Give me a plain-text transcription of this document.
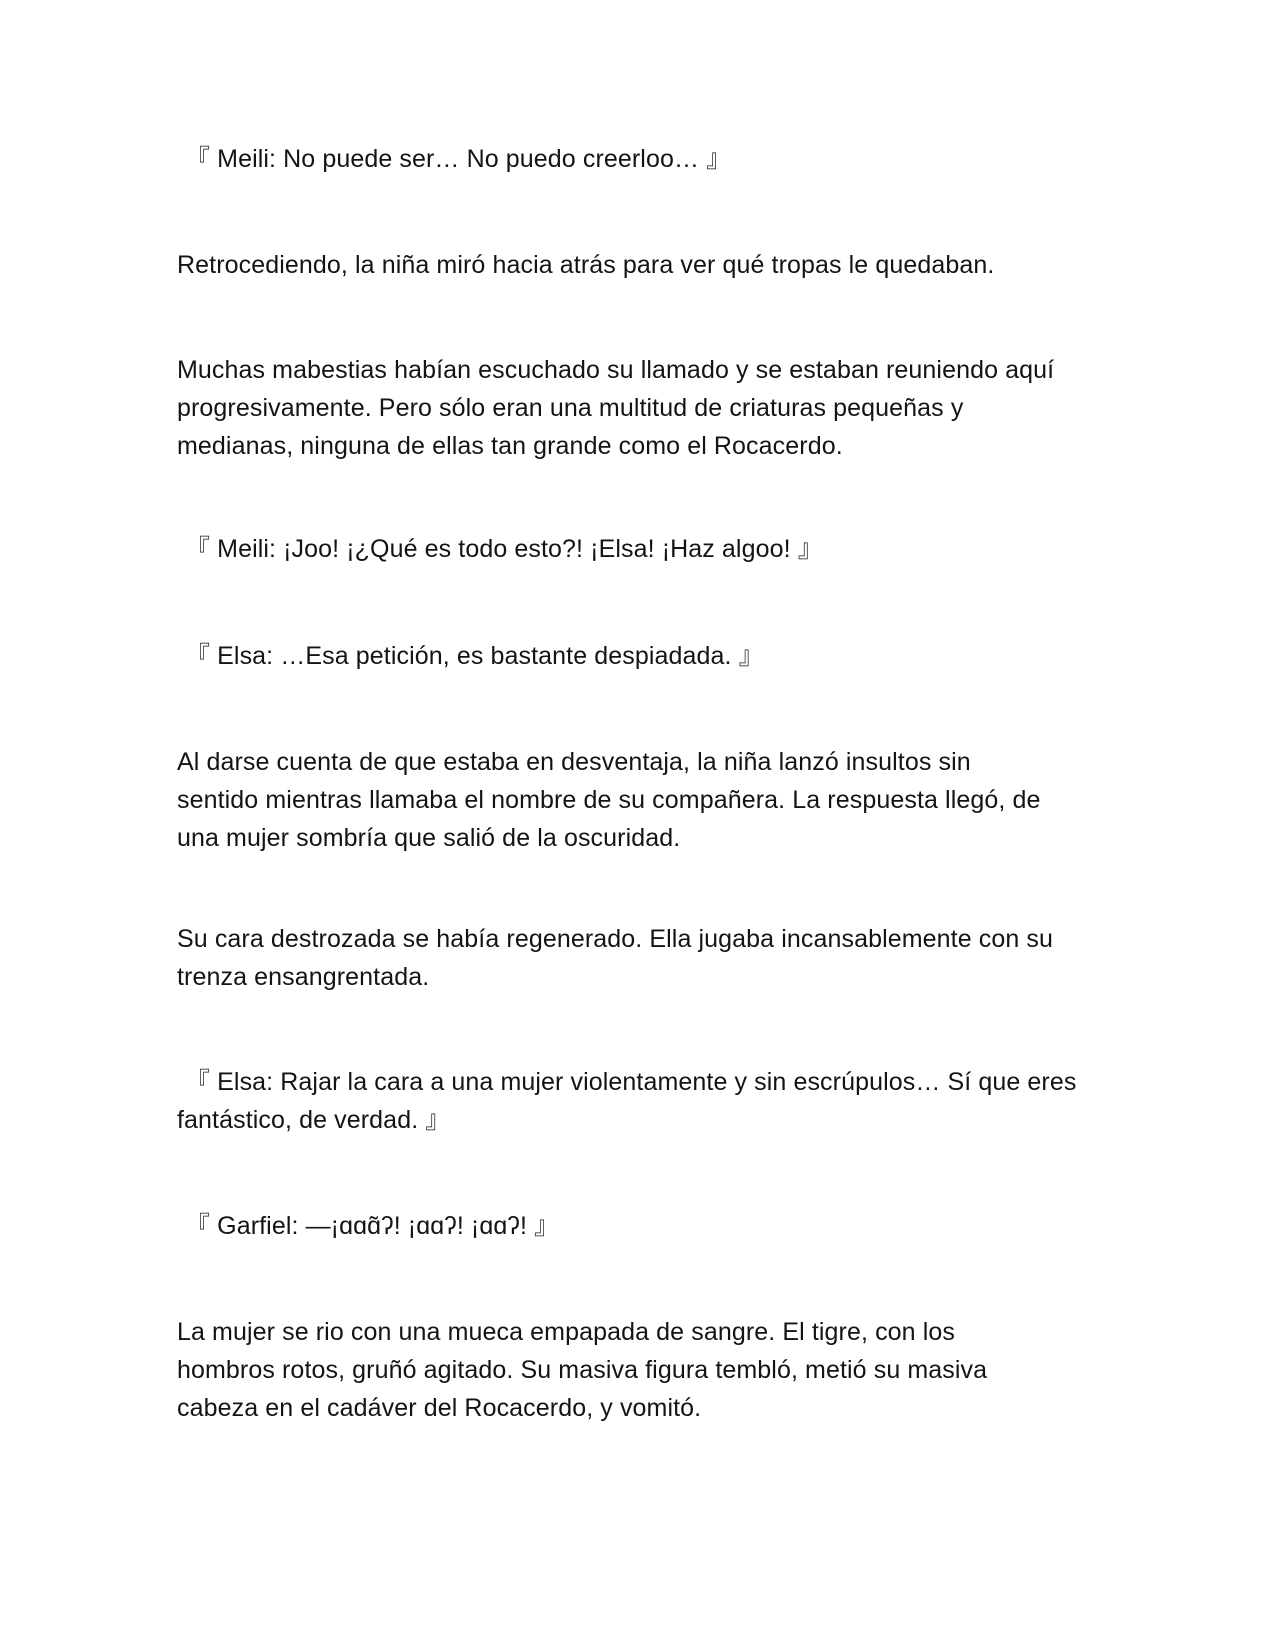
『 Meili: No puede ser… No puedo creerloo… 』

Retrocediendo, la niña miró hacia atrás para ver qué tropas le quedaban.

Muchas mabestias habían escuchado su llamado y se estaban reuniendo aquí
progresivamente. Pero sólo eran una multitud de criaturas pequeñas y
medianas, ninguna de ellas tan grande como el Rocacerdo.

『 Meili: ¡Joo! ¡¿Qué es todo esto?! ¡Elsa! ¡Haz algoo! 』

『 Elsa: …Esa petición, es bastante despiadada. 』

Al darse cuenta de que estaba en desventaja, la niña lanzó insultos sin
sentido mientras llamaba el nombre de su compañera. La respuesta llegó, de
una mujer sombría que salió de la oscuridad.

Su cara destrozada se había regenerado. Ella jugaba incansablemente con su
trenza ensangrentada.

『 Elsa: Rajar la cara a una mujer violentamente y sin escrúpulos… Sí que eres
fantástico, de verdad. 』

『 Garfiel: —¡ɑɑɑ̃ʔ! ¡ɑɑʔ! ¡ɑɑʔ! 』

La mujer se rio con una mueca empapada de sangre. El tigre, con los
hombros rotos, gruñó agitado. Su masiva figura tembló, metió su masiva
cabeza en el cadáver del Rocacerdo, y vomitó.
